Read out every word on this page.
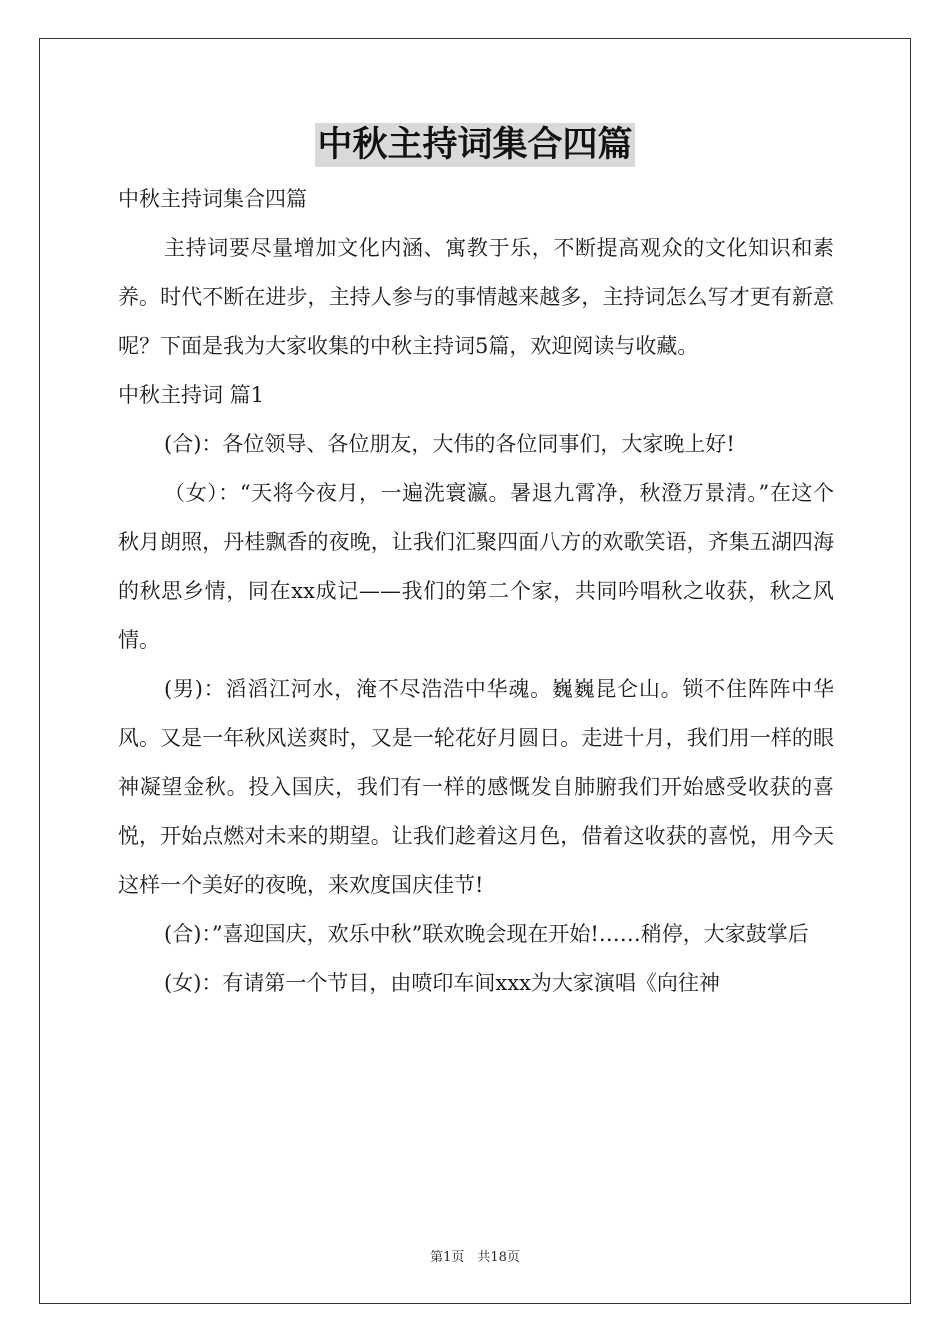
中秋主持词集合四篇

中秋主持词集合四篇

主持词要尽量增加文化内涵、寓教于乐，不断提高观众的文化知识和素养。时代不断在进步，主持人参与的事情越来越多，主持词怎么写才更有新意呢？下面是我为大家收集的中秋主持词5篇，欢迎阅读与收藏。

中秋主持词 篇1

(合)：各位领导、各位朋友，大伟的各位同事们，大家晚上好!

（女）：“天将今夜月，一遍洗寰瀛。暑退九霄净，秋澄万景清。”在这个秋月朗照，丹桂飘香的夜晚，让我们汇聚四面八方的欢歌笑语，齐集五湖四海的秋思乡情，同在xx成记——我们的第二个家，共同吟唱秋之收获，秋之风情。

(男)：滔滔江河水，淹不尽浩浩中华魂。巍巍昆仑山。锁不住阵阵中华风。又是一年秋风送爽时，又是一轮花好月圆日。走进十月，我们用一样的眼神凝望金秋。投入国庆，我们有一样的感慨发自肺腑我们开始感受收获的喜悦，开始点燃对未来的期望。让我们趁着这月色，借着这收获的喜悦，用今天这样一个美好的夜晚，来欢度国庆佳节!

(合)：”喜迎国庆，欢乐中秋”联欢晚会现在开始!……稍停，大家鼓掌后

(女)：有请第一个节目，由喷印车间xxx为大家演唱《向往神

第1页　共18页
